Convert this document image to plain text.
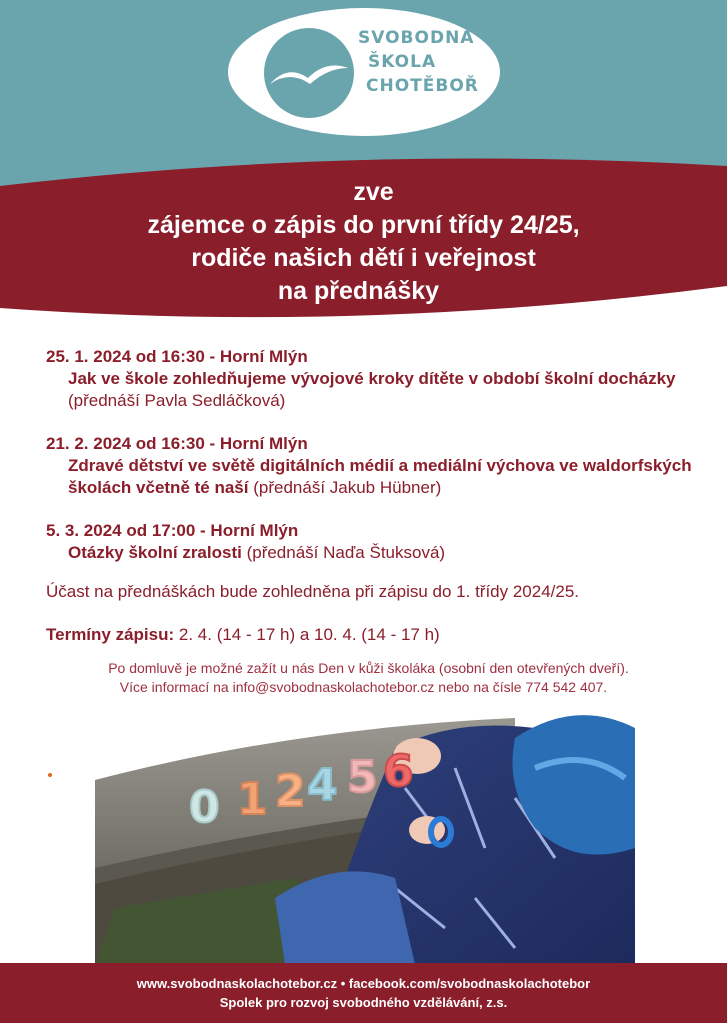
SVOBODNÁ
ŠKOLA
CHOTĚBOŘ
zve
zájemce o zápis do první třídy 24/25,
rodiče našich dětí i veřejnost
na přednášky
25. 1. 2024 od 16:30 - Horní Mlýn
Jak ve škole zohledňujeme vývojové kroky dítěte v období školní docházky (přednáší Pavla Sedláčková)
21. 2. 2024 od 16:30 - Horní Mlýn
Zdravé dětství ve světě digitálních médií a mediální výchova ve waldorfských školách včetně té naší (přednáší Jakub Hübner)
5. 3. 2024 od 17:00 - Horní Mlýn
Otázky školní zralosti (přednáší Naďa Štuksová)
Účast na přednáškách bude zohledněna při zápisu do 1. třídy 2024/25.
Termíny zápisu: 2. 4. (14 - 17 h) a 10. 4. (14 - 17 h)
Po domluvě je možné zažít u nás Den v kůži školáka (osobní den otevřených dveří).
Více informací na info@svobodnaskolachotebor.cz nebo na čísle 774 542 407.
0 1 2 4 5 6
www.svobodnaskolachotebor.cz • facebook.com/svobodnaskolachotebor
Spolek pro rozvoj svobodného vzdělávání, z.s.
